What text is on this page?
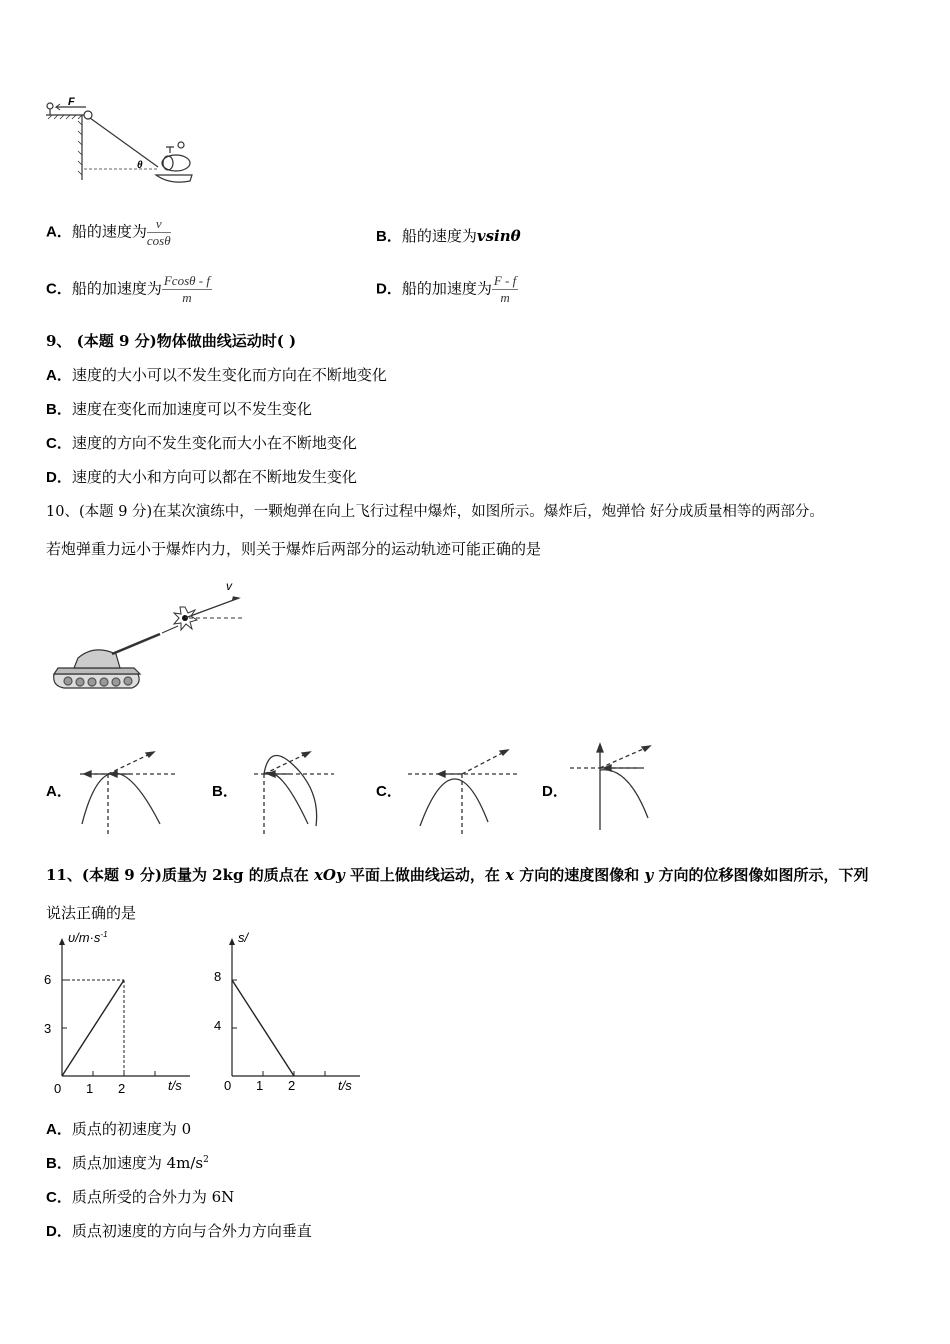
F
θ
A．船的速度为 $\frac{v}{\cos\theta}$	B．船的速度为vsinθ
C．船的加速度为 $\frac{Fcos\theta - f}{m}$	D．船的加速度为 $\frac{F - f}{m}$
9、 (本题 9 分)物体做曲线运动时( )
A．速度的大小可以不发生变化而方向在不断地变化
B．速度在变化而加速度可以不发生变化
C．速度的方向不发生变化而大小在不断地变化
D．速度的大小和方向可以都在不断地发生变化
10、(本题 9 分)在某次演练中，一颗炮弹在向上飞行过程中爆炸，如图所示。爆炸后，炮弹恰 好分成质量相等的两部分。
若炮弹重力远小于爆炸内力，则关于爆炸后两部分的运动轨迹可能正确的是
v
A．	B．	C．	D．
11、(本题 9 分)质量为 2kg 的质点在 xOy 平面上做曲线运动，在 x 方向的速度图像和 y 方向的位移图像如图所示，下列
说法正确的是
$\upsilon/m\cdot s^{-1}$
t/s
6
3
0 1 2
s/
t/s
8
4
0 1 2
A．质点的初速度为 0
B．质点加速度为 $4m/s^2$
C．质点所受的合外力为 6N
D．质点初速度的方向与合外力方向垂直
